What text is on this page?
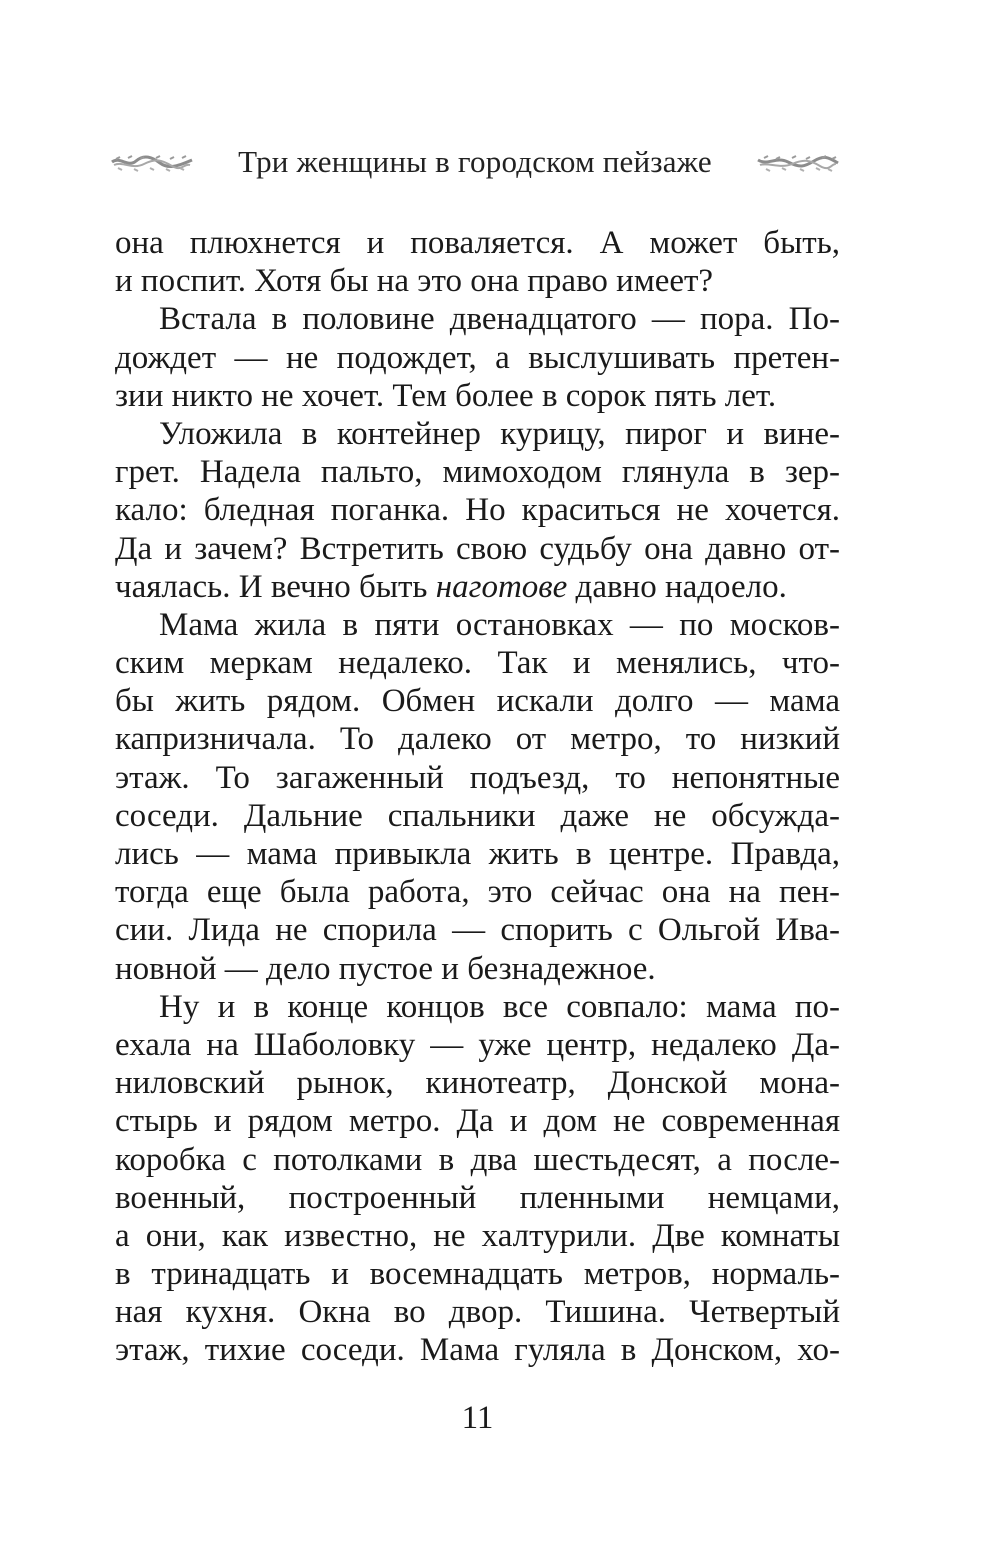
Три женщины в городском пейзаже
она плюхнется и поваляется. А может быть,
и поспит. Хотя бы на это она право имеет?
Встала в половине двенадцатого — пора. По-
дождет — не подождет, а выслушивать претен-
зии никто не хочет. Тем более в сорок пять лет.
Уложила в контейнер курицу, пирог и вине-
грет. Надела пальто, мимоходом глянула в зер-
кало: бледная поганка. Но краситься не хочется.
Да и зачем? Встретить свою судьбу она давно от-
чаялась. И вечно быть наготове давно надоело.
Мама жила в пяти остановках — по москов-
ским меркам недалеко. Так и менялись, что-
бы жить рядом. Обмен искали долго — мама
капризничала. То далеко от метро, то низкий
этаж. То загаженный подъезд, то непонятные
соседи. Дальние спальники даже не обсужда-
лись — мама привыкла жить в центре. Правда,
тогда еще была работа, это сейчас она на пен-
сии. Лида не спорила — спорить с Ольгой Ива-
новной — дело пустое и безнадежное.
Ну и в конце концов все совпало: мама по-
ехала на Шаболовку — уже центр, недалеко Да-
ниловский рынок, кинотеатр, Донской мона-
стырь и рядом метро. Да и дом не современная
коробка с потолками в два шестьдесят, а после-
военный, построенный пленными немцами,
а они, как известно, не халтурили. Две комнаты
в тринадцать и восемнадцать метров, нормаль-
ная кухня. Окна во двор. Тишина. Четвертый
этаж, тихие соседи. Мама гуляла в Донском, хо-
11
